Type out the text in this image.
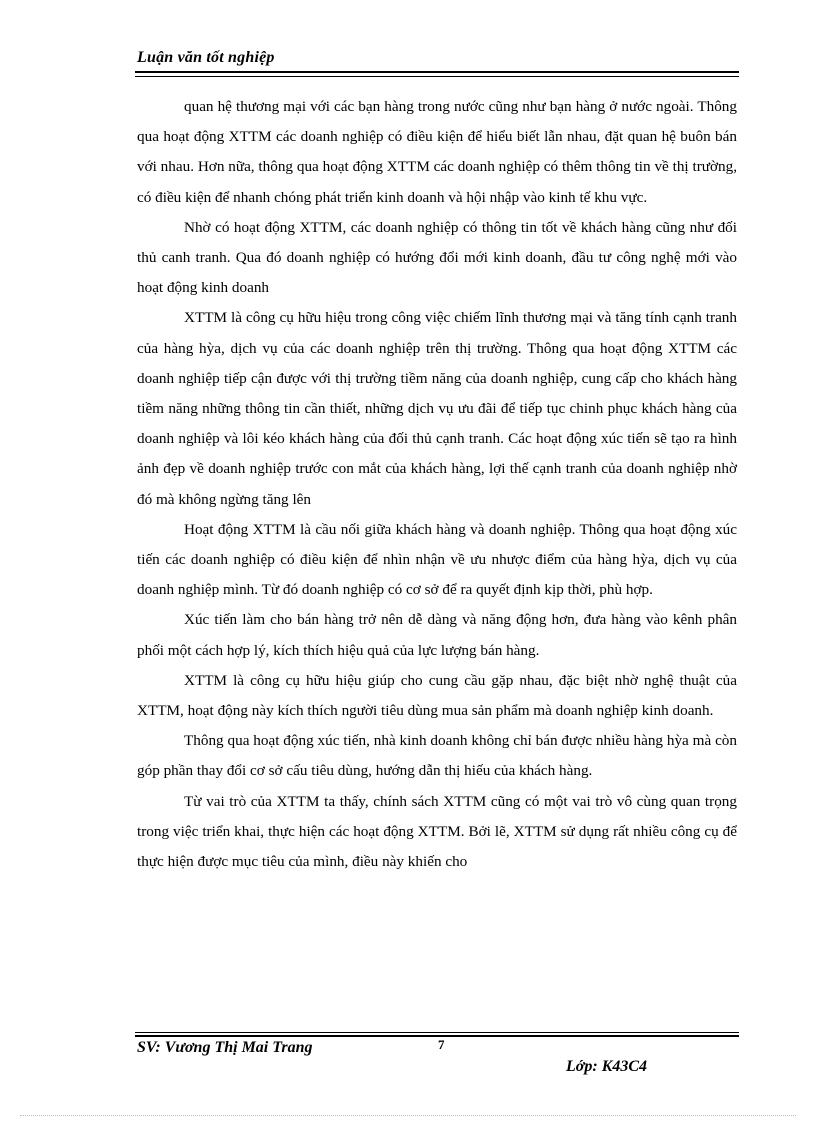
Luận văn tốt nghiệp

quan hệ thương mại với các bạn hàng trong nước cũng như bạn hàng ở nước ngoài. Thông qua hoạt động XTTM các doanh nghiệp có điều kiện để hiểu biết lẫn nhau, đặt quan hệ buôn bán với nhau. Hơn nữa, thông qua hoạt động XTTM các doanh nghiệp có thêm thông tin về thị trường, có điều kiện để nhanh chóng phát triển kinh doanh và hội nhập vào kinh tế khu vực.

Nhờ có hoạt động XTTM, các doanh nghiệp có thông tin tốt về khách hàng cũng như đối thủ canh tranh. Qua đó doanh nghiệp có hướng đổi mới kinh doanh, đầu tư công nghệ mới vào hoạt động kinh doanh

XTTM là công cụ hữu hiệu trong công việc chiếm lĩnh thương mại và tăng tính cạnh tranh của hàng hỳa, dịch vụ của các doanh nghiệp trên thị trường. Thông qua hoạt động XTTM các doanh nghiệp tiếp cận được với thị trường tiềm năng của doanh nghiệp, cung cấp cho khách hàng tiềm năng những thông tin cần thiết, những dịch vụ ưu đãi để tiếp tục chinh phục khách hàng của doanh nghiệp và lôi kéo khách hàng của đối thủ cạnh tranh. Các hoạt động xúc tiến sẽ tạo ra hình ảnh đẹp về doanh nghiệp trước con mắt của khách hàng, lợi thế cạnh tranh của doanh nghiệp nhờ đó mà không ngừng tăng lên

Hoạt động XTTM là cầu nối giữa khách hàng và doanh nghiệp. Thông qua hoạt động xúc tiến các doanh nghiệp có điều kiện để nhìn nhận về ưu nhược điểm của hàng hỳa, dịch vụ của doanh nghiệp mình. Từ đó doanh nghiệp có cơ sở để ra quyết định kịp thời, phù hợp.

Xúc tiến làm cho bán hàng trở nên dễ dàng và năng động hơn, đưa hàng vào kênh phân phối một cách hợp lý, kích thích hiệu quả của lực lượng bán hàng.

XTTM là công cụ hữu hiệu giúp cho cung cầu gặp nhau, đặc biệt nhờ nghệ thuật của XTTM, hoạt động này kích thích người tiêu dùng mua sản phẩm mà doanh nghiệp kinh doanh.

Thông qua hoạt động xúc tiến, nhà kinh doanh không chỉ bán được nhiều hàng hỳa mà còn góp phần thay đổi cơ sở cấu tiêu dùng, hướng dẫn thị hiếu của khách hàng.

Từ vai trò của XTTM ta thấy, chính sách XTTM cũng có một vai trò vô cùng quan trọng trong việc triển khai, thực hiện các hoạt động XTTM. Bởi lẽ, XTTM sử dụng rất nhiều công cụ để thực hiện được mục tiêu của mình, điều này khiến cho

SV: Vương Thị Mai Trang	7
Lớp: K43C4
